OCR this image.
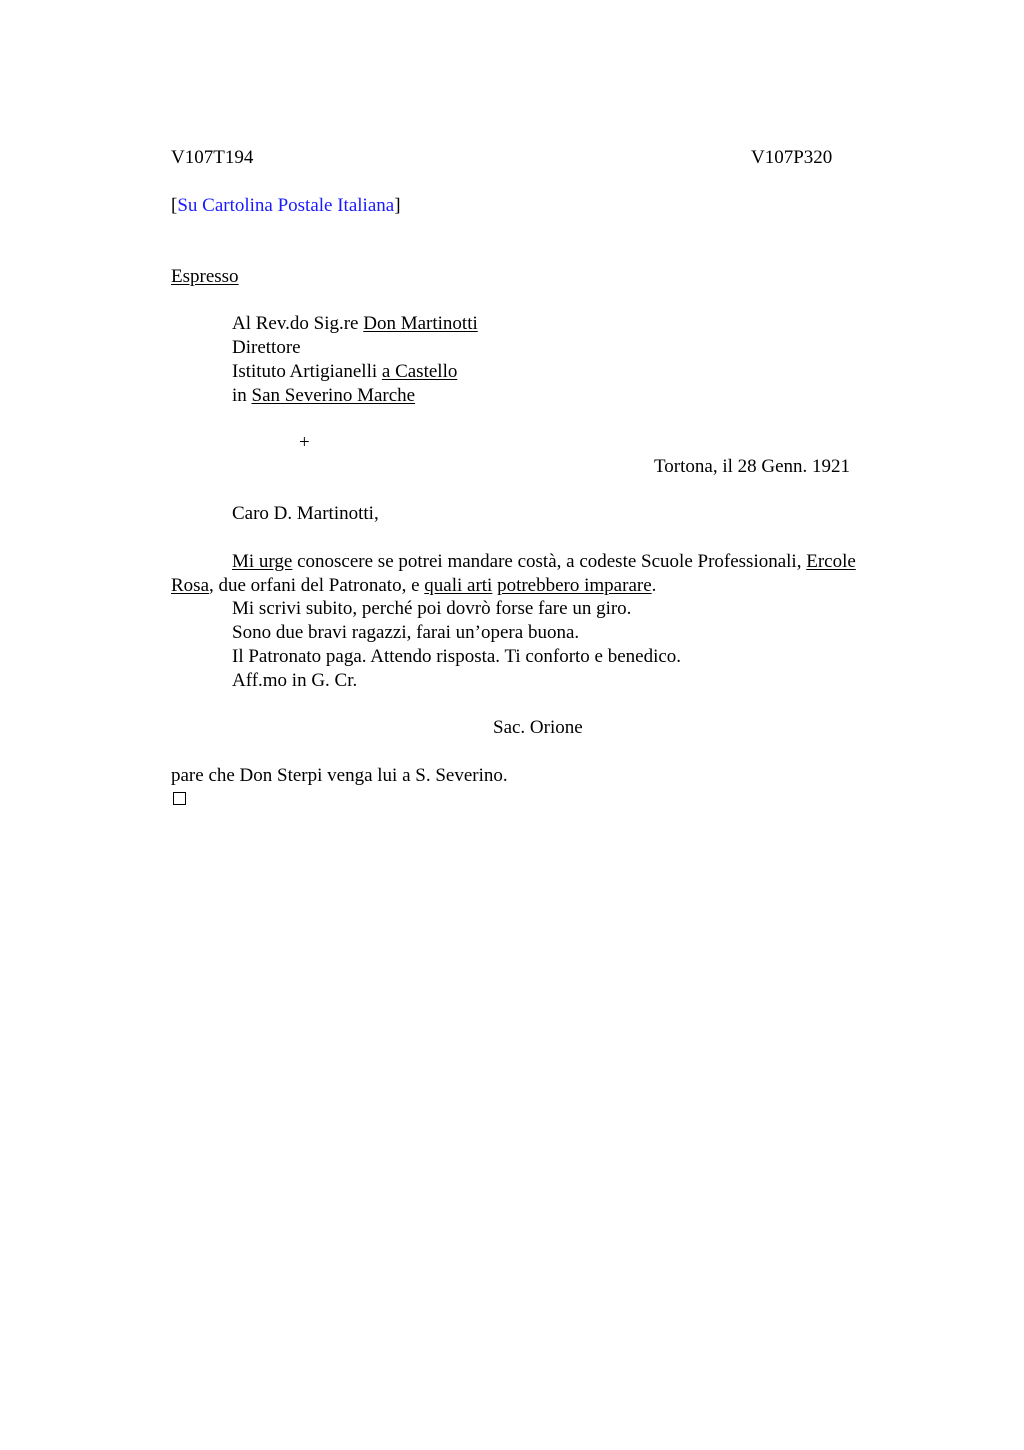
V107T194	V107P320
[Su Cartolina Postale Italiana]
Espresso
Al Rev.do Sig.re Don Martinotti
Direttore
Istituto Artigianelli a Castello
in San Severino Marche
+
Tortona, il 28 Genn. 1921
Caro D. Martinotti,
Mi urge conoscere se potrei mandare costà, a codeste Scuole Professionali, Ercole
Rosa, due orfani del Patronato, e quali arti potrebbero imparare.
Mi scrivi subito, perché poi dovrò forse fare un giro.
Sono due bravi ragazzi, farai un’opera buona.
Il Patronato paga. Attendo risposta. Ti conforto e benedico.
Aff.mo in G. Cr.
Sac. Orione
pare che Don Sterpi venga lui a S. Severino.
